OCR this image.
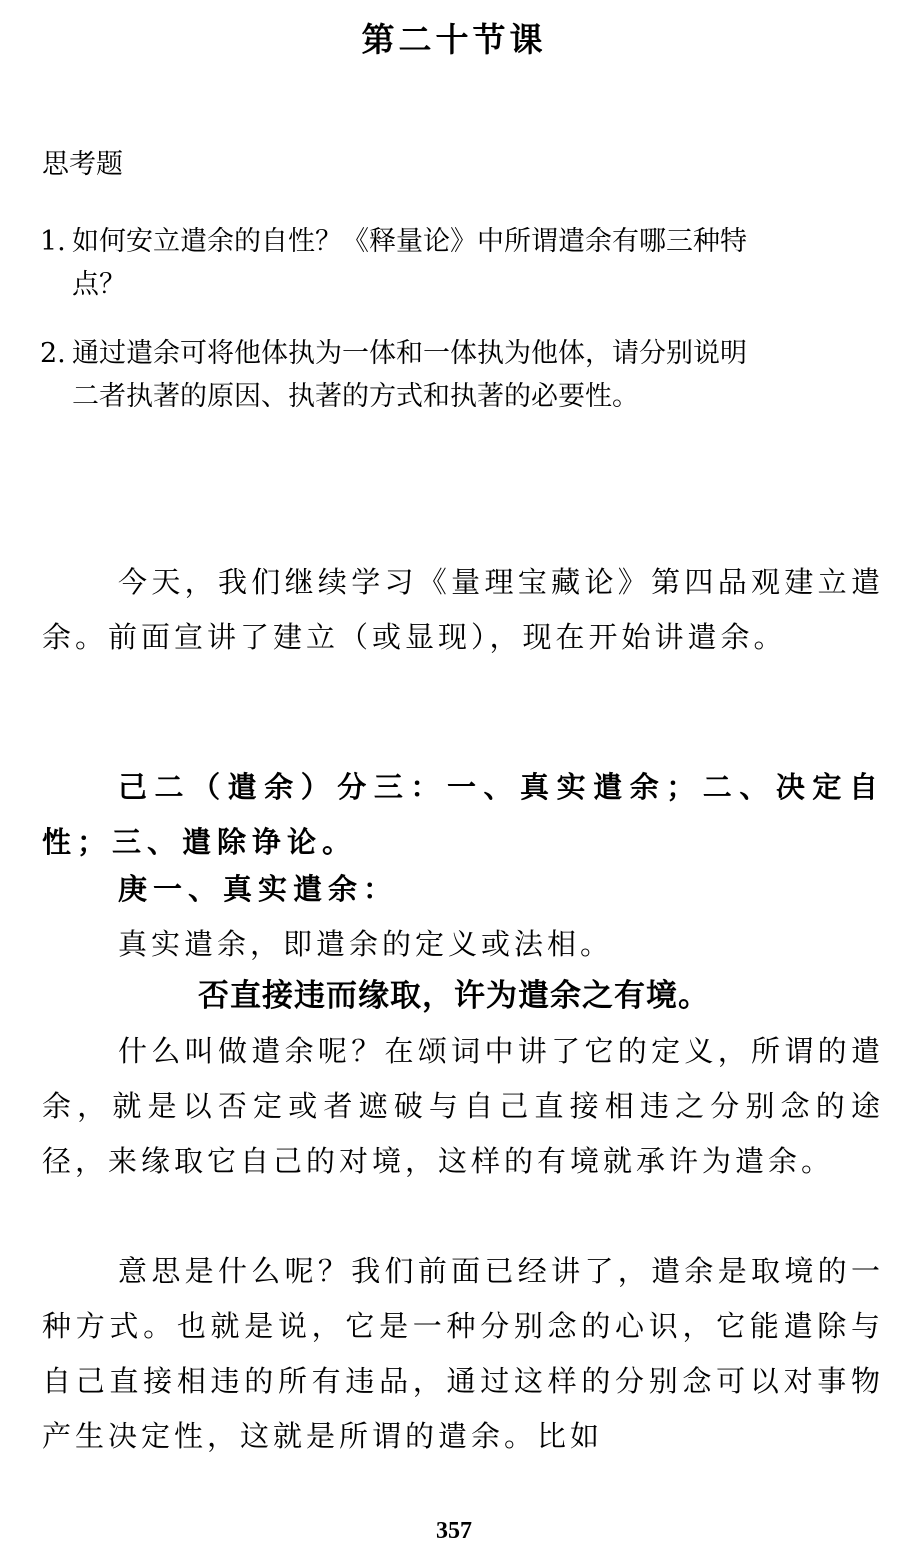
第二十节课
思考题
1. 如何安立遣余的自性？《释量论》中所谓遣余有哪三种特
点？
2. 通过遣余可将他体执为一体和一体执为他体，请分别说明
二者执著的原因、执著的方式和执著的必要性。
今天，我们继续学习《量理宝藏论》第四品观建立遣余。前面宣讲了建立（或显现），现在开始讲遣余。
己二（遣余）分三：一、真实遣余；二、决定自性；三、遣除诤论。
庚一、真实遣余：
真实遣余，即遣余的定义或法相。
否直接违而缘取，许为遣余之有境。
什么叫做遣余呢？在颂词中讲了它的定义，所谓的遣余，就是以否定或者遮破与自己直接相违之分别念的途径，来缘取它自己的对境，这样的有境就承许为遣余。
意思是什么呢？我们前面已经讲了，遣余是取境的一种方式。也就是说，它是一种分别念的心识，它能遣除与自己直接相违的所有违品，通过这样的分别念可以对事物产生决定性，这就是所谓的遣余。比如
357
